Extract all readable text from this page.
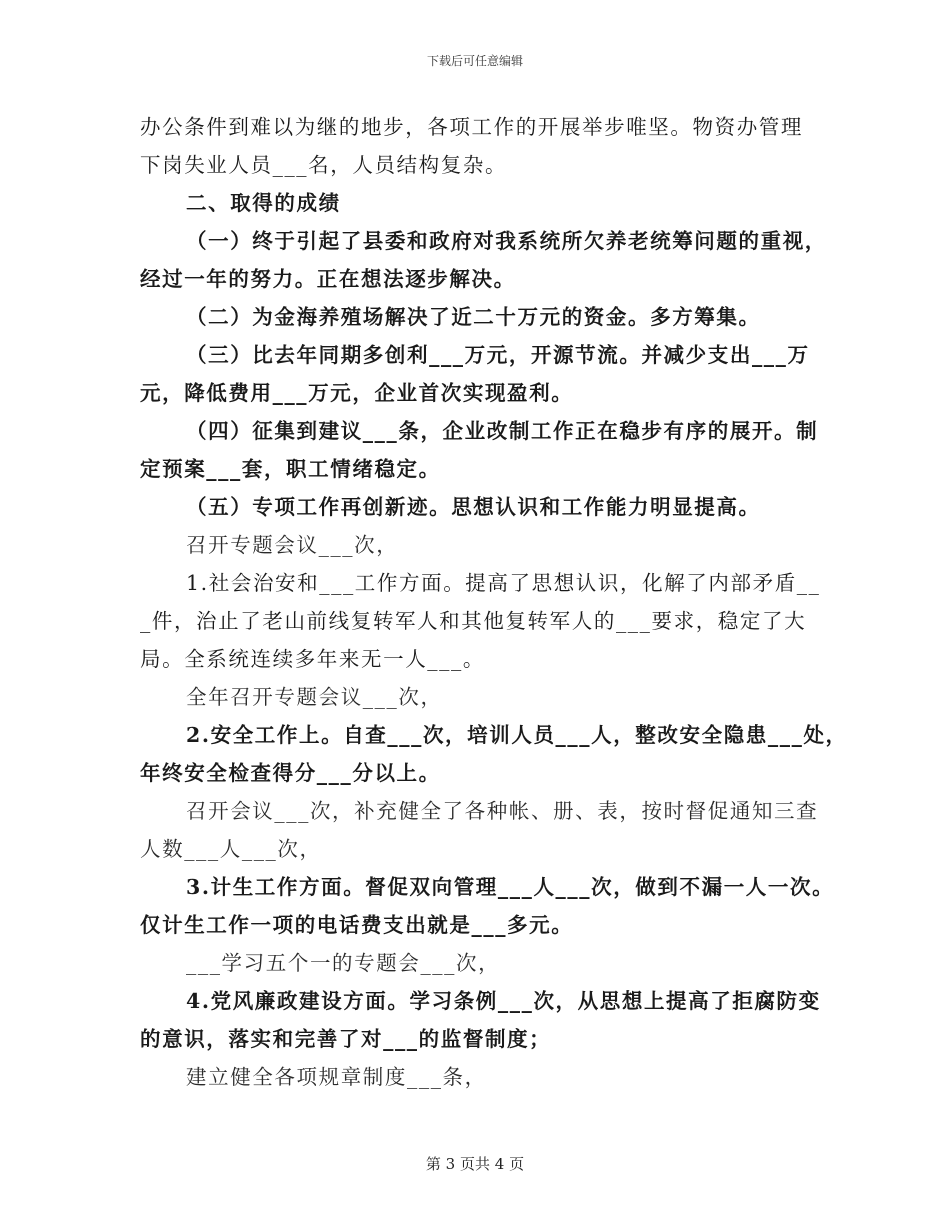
下载后可任意编辑

办公条件到难以为继的地步，各项工作的开展举步唯坚。物资办管理

下岗失业人员___名，人员结构复杂。

二、取得的成绩

（一）终于引起了县委和政府对我系统所欠养老统筹问题的重视，

经过一年的努力。正在想法逐步解决。

（二）为金海养殖场解决了近二十万元的资金。多方筹集。

（三）比去年同期多创利___万元，开源节流。并减少支出___万

元，降低费用___万元，企业首次实现盈利。

（四）征集到建议___条，企业改制工作正在稳步有序的展开。制

定预案___套，职工情绪稳定。

（五）专项工作再创新迹。思想认识和工作能力明显提高。

召开专题会议___次，

1.社会治安和___工作方面。提高了思想认识，化解了内部矛盾__

_件，治止了老山前线复转军人和其他复转军人的___要求，稳定了大

局。全系统连续多年来无一人___。

全年召开专题会议___次，

2.安全工作上。自查___次，培训人员___人，整改安全隐患___处，

年终安全检查得分___分以上。

召开会议___次，补充健全了各种帐、册、表，按时督促通知三查

人数___人___次，

3.计生工作方面。督促双向管理___人___次，做到不漏一人一次。

仅计生工作一项的电话费支出就是___多元。

___学习五个一的专题会___次，

4.党风廉政建设方面。学习条例___次，从思想上提高了拒腐防变

的意识，落实和完善了对___的监督制度；

建立健全各项规章制度___条，

第 3 页共 4 页
